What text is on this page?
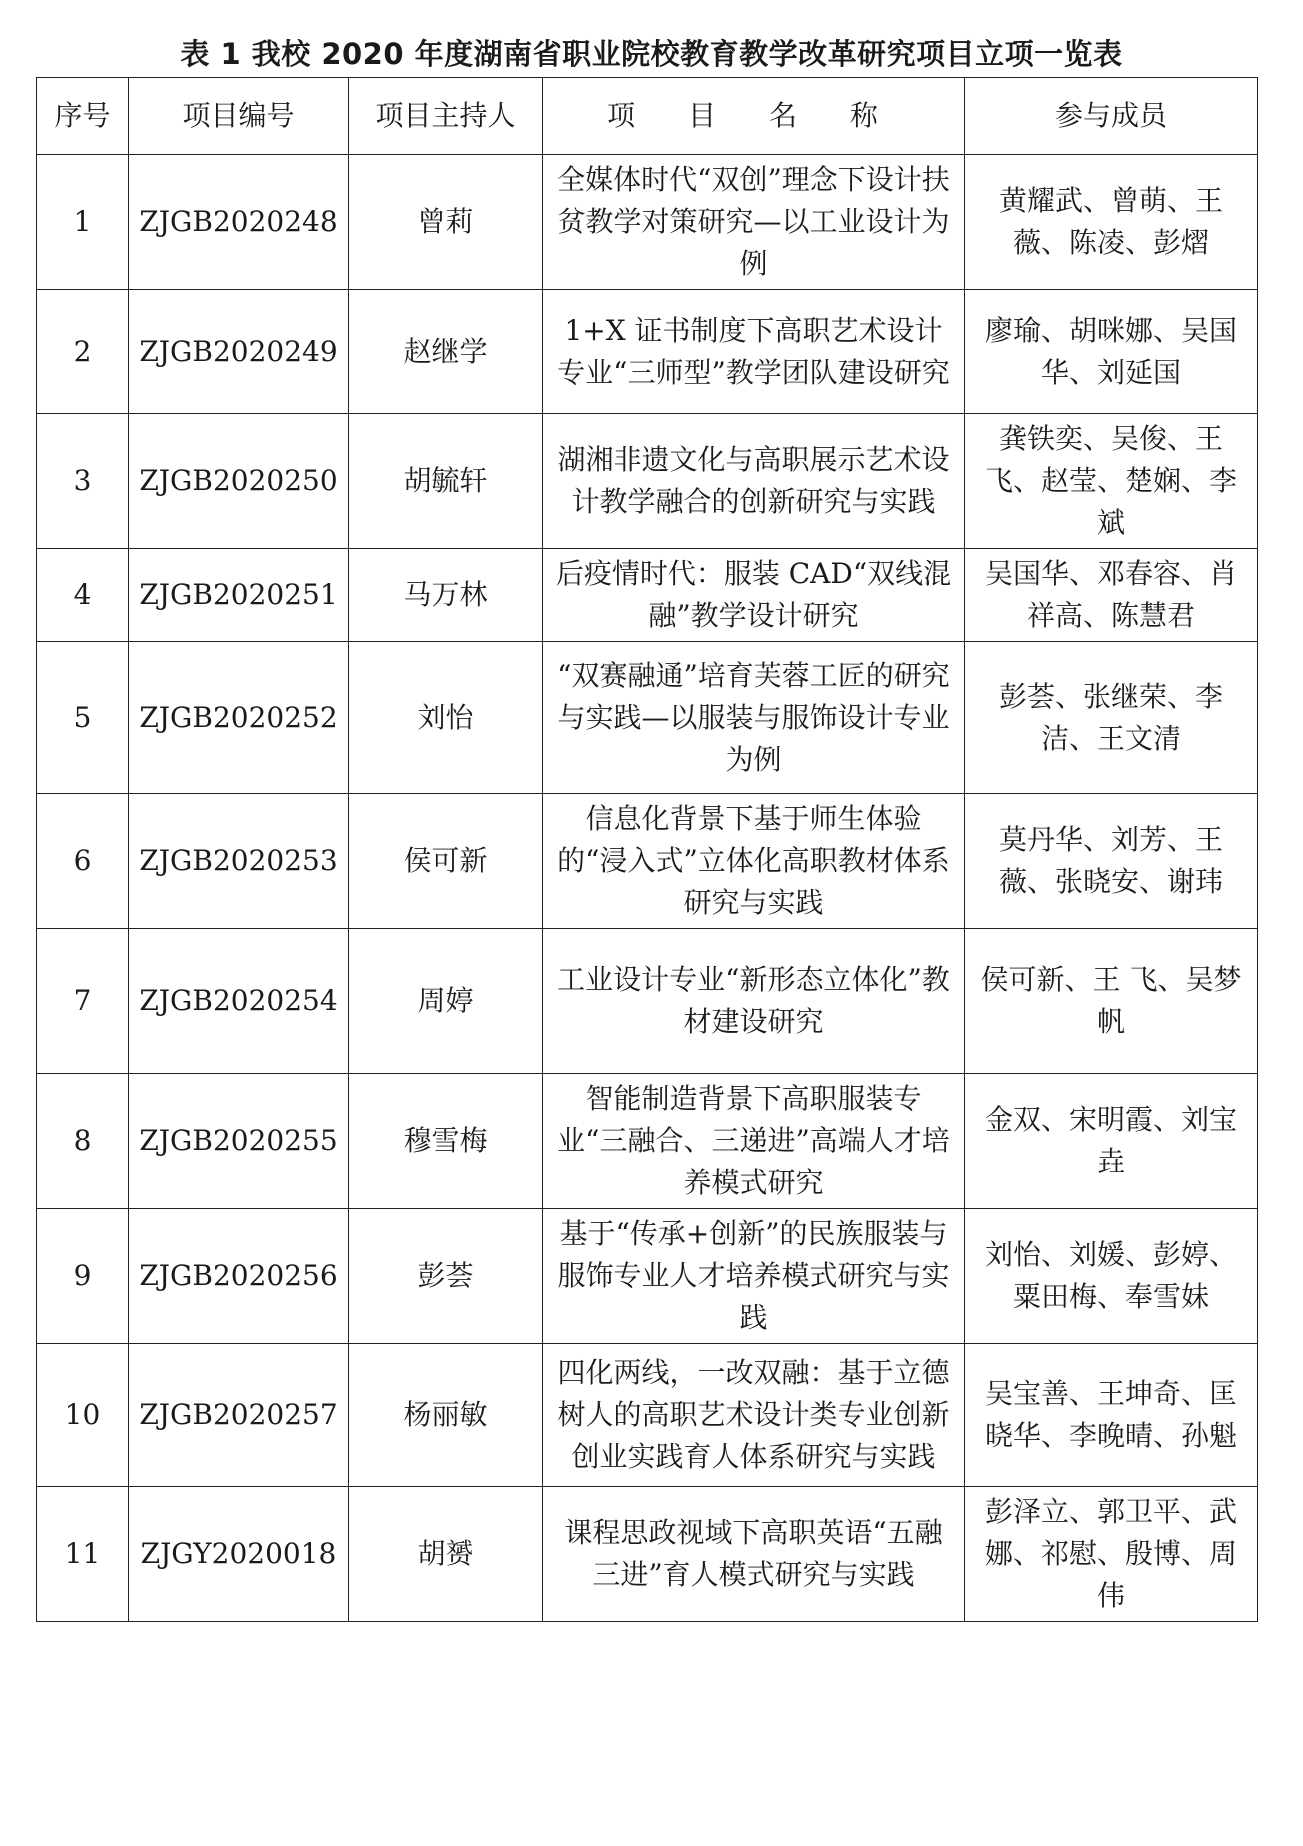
表 1 我校 2020 年度湖南省职业院校教育教学改革研究项目立项一览表
序号	项目编号	项目主持人	项 目 名 称	参与成员
1	ZJGB2020248	曾莉	全媒体时代“双创”理念下设计扶贫教学对策研究—以工业设计为例	黄耀武、曾萌、王薇、陈凌、彭熠
2	ZJGB2020249	赵继学	1+X 证书制度下高职艺术设计专业“三师型”教学团队建设研究	廖瑜、胡咪娜、吴国华、刘延国
3	ZJGB2020250	胡毓轩	湖湘非遗文化与高职展示艺术设计教学融合的创新研究与实践	龚铁奕、吴俊、王飞、赵莹、楚娴、李斌
4	ZJGB2020251	马万林	后疫情时代：服装 CAD“双线混融”教学设计研究	吴国华、邓春容、肖祥高、陈慧君
5	ZJGB2020252	刘怡	“双赛融通”培育芙蓉工匠的研究与实践—以服装与服饰设计专业为例	彭荟、张继荣、李洁、王文清
6	ZJGB2020253	侯可新	信息化背景下基于师生体验的“浸入式”立体化高职教材体系研究与实践	莫丹华、刘芳、王薇、张晓安、谢玮
7	ZJGB2020254	周婷	工业设计专业“新形态立体化”教材建设研究	侯可新、王 飞、吴梦帆
8	ZJGB2020255	穆雪梅	智能制造背景下高职服装专业“三融合、三递进”高端人才培养模式研究	金双、宋明霞、刘宝垚
9	ZJGB2020256	彭荟	基于“传承+创新”的民族服装与服饰专业人才培养模式研究与实践	刘怡、刘媛、彭婷、粟田梅、奉雪妹
10	ZJGB2020257	杨丽敏	四化两线，一改双融：基于立德树人的高职艺术设计类专业创新创业实践育人体系研究与实践	吴宝善、王坤奇、匡晓华、李晚晴、孙魁
11	ZJGY2020018	胡赟	课程思政视域下高职英语“五融三进”育人模式研究与实践	彭泽立、郭卫平、武娜、祁慰、殷博、周伟
